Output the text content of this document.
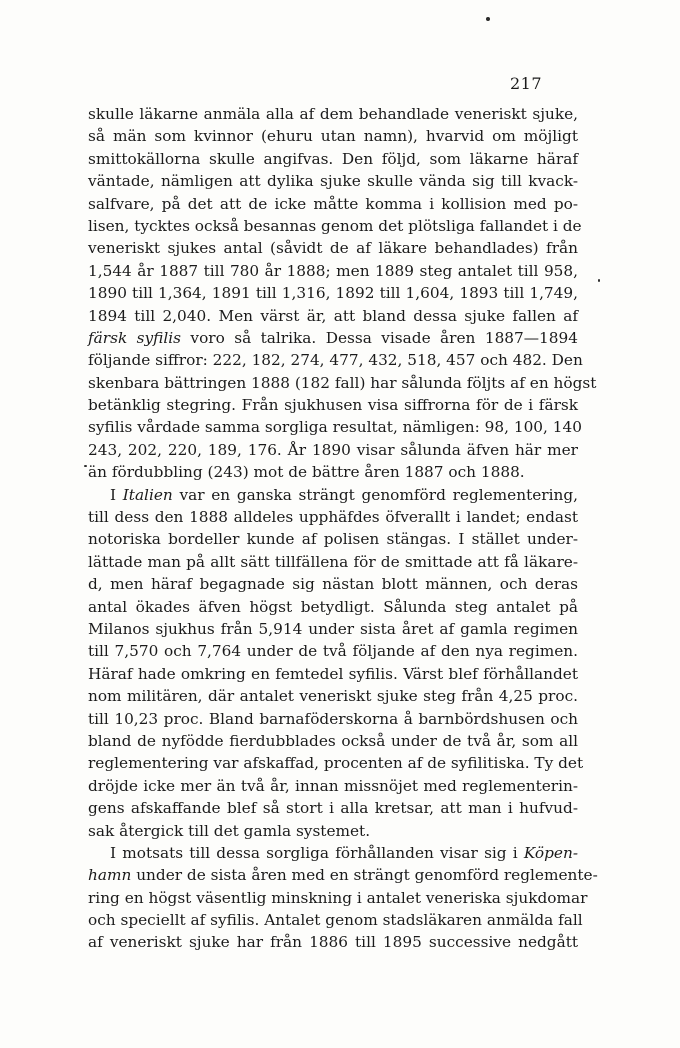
217
skulle läkarne anmäla alla af dem behandlade veneriskt sjuke,
så män som kvinnor (ehuru utan namn), hvarvid om möjligt
smittokällorna skulle angifvas. Den följd, som läkarne häraf
väntade, nämligen att dylika sjuke skulle vända sig till kvack-
salfvare, på det att de icke måtte komma i kollision med po-
lisen, tycktes också besannas genom det plötsliga fallandet i de
veneriskt sjukes antal (såvidt de af läkare behandlades) från
1,544 år 1887 till 780 år 1888; men 1889 steg antalet till 958,
1890 till 1,364, 1891 till 1,316, 1892 till 1,604, 1893 till 1,749,
1894 till 2,040. Men värst är, att bland dessa sjuke fallen af
färsk syfilis voro så talrika. Dessa visade åren 1887—1894
följande siffror: 222, 182, 274, 477, 432, 518, 457 och 482. Den
skenbara bättringen 1888 (182 fall) har sålunda följts af en högst
betänklig stegring. Från sjukhusen visa siffrorna för de i färsk
syfilis vårdade samma sorgliga resultat, nämligen: 98, 100, 140
243, 202, 220, 189, 176. År 1890 visar sålunda äfven här mer
än fördubbling (243) mot de bättre åren 1887 och 1888.
I Italien var en ganska strängt genomförd reglementering,
till dess den 1888 alldeles upphäfdes öfverallt i landet; endast
notoriska bordeller kunde af polisen stängas. I stället under-
lättade man på allt sätt tillfällena för de smittade att få läkare-
d, men häraf begagnade sig nästan blott männen, och deras
antal ökades äfven högst betydligt. Sålunda steg antalet på
Milanos sjukhus från 5,914 under sista året af gamla regimen
till 7,570 och 7,764 under de två följande af den nya regimen.
Häraf hade omkring en femtedel syfilis. Värst blef förhållandet
nom militären, där antalet veneriskt sjuke steg från 4,25 proc.
till 10,23 proc. Bland barnaföderskorna å barnbördshusen och
bland de nyfödde fierdubblades också under de två år, som all
reglementering var afskaffad, procenten af de syfilitiska. Ty det
dröjde icke mer än två år, innan missnöjet med reglementerin-
gens afskaffande blef så stort i alla kretsar, att man i hufvud-
sak återgick till det gamla systemet.
I motsats till dessa sorgliga förhållanden visar sig i Köpen-
hamn under de sista åren med en strängt genomförd reglemente-
ring en högst väsentlig minskning i antalet veneriska sjukdomar
och speciellt af syfilis. Antalet genom stadsläkaren anmälda fall
af veneriskt sjuke har från 1886 till 1895 successive nedgått
